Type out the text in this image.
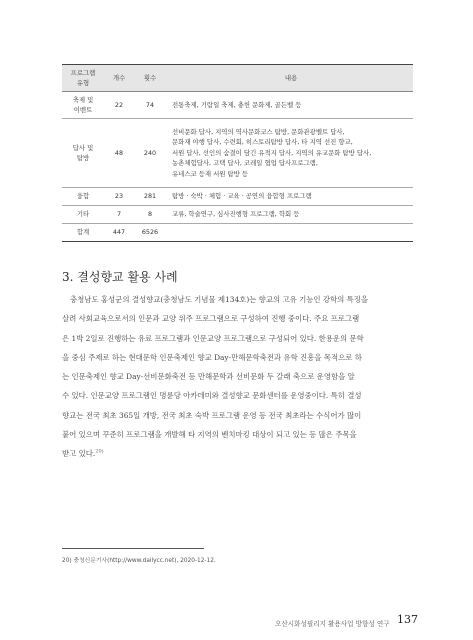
프로그램
유형	개수	횟수	내용

축제 및
이벤트	22	74	전통축제, 기람일 축제, 충헌 문화제, 골든벨 등

답사 및
탐방	48	240	선비문화 답사, 지역의 역사문화코스 탐방, 문화관광벨트 답사,
문화재 야행 답사, 수련회, 히스토리탐방 답사, 타 지역 선진 향교,
서원 답사, 선인의 숨결이 담긴 유적지 답사, 지역의 유교문화 탐방 답사,
농촌체험답사, 고택 답사, 코레일 협업 답사프로그램,
유네스코 등재 서원 탐방 등

융합	23	281	탐방 · 숙박 · 체험 · 교육 · 공연의 융합형 프로그램
기타	7	8	교류, 학술연구, 심사진행형 프로그램, 학회 등
합계	447	6526	
3. 결성향교 활용 사례
충청남도 홍성군의 결성향교(충청남도 기념물 제134호)는 향교의 고유 기능인 강학의 특징을
살려 사회교육으로서의 인문과 교양 위주 프로그램으로 구성하여 진행 중이다. 주요 프로그램
은 1박 2일로 진행하는 유료 프로그램과 인문교양 프로그램으로 구성되어 있다. 한용운의 문학
을 중심 주제로 하는 현대문학 인문축제인 향교 Day-만해문학축전과 유학 진흥을 목적으로 하
는 인문축제인 향교 Day-선비문화축전 등 만해문학과 선비문화 두 갈래 축으로 운영함을 알
수 있다. 인문교양 프로그램인 명륜당 아카데미와 결성향교 문화센터를 운영중이다. 특히 결성
향교는 전국 최초 365일 개방, 전국 최초 숙박 프로그램 운영 등 전국 최초라는 수식어가 많이
붙어 있으며 꾸준히 프로그램을 개발해 타 지역의 벤치마킹 대상이 되고 있는 등 많은 주목을
받고 있다.$^{20)}$
20) 충청신문기사(http://www.dailycc.net), 2020-12-12.
오산시화성필리지 활용사업 방향성 연구 137
